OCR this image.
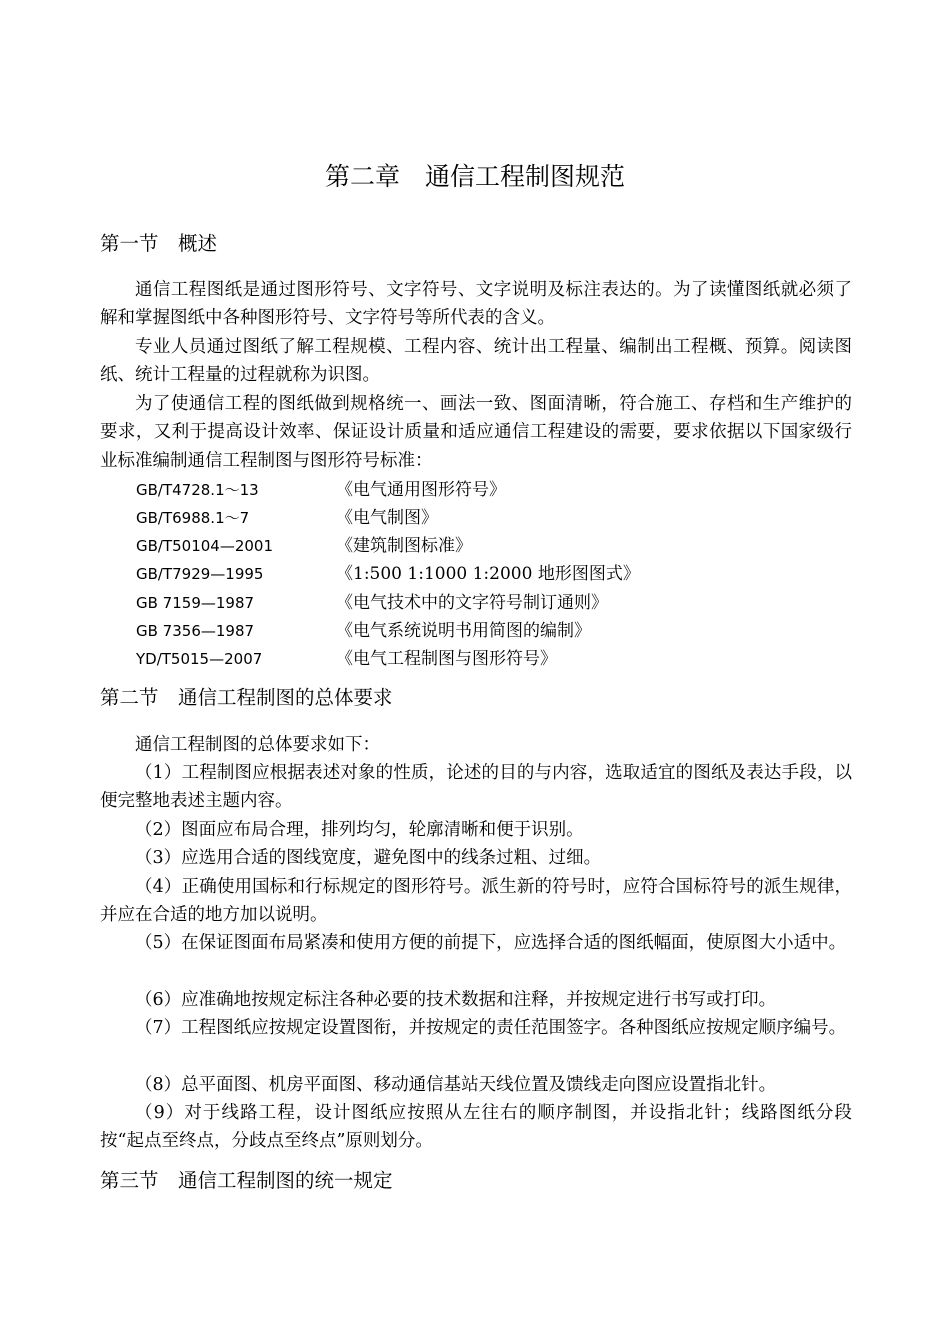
第二章　通信工程制图规范
第一节　概述
通信工程图纸是通过图形符号、文字符号、文字说明及标注表达的。为了读懂图纸就必须了解和掌握图纸中各种图形符号、文字符号等所代表的含义。
专业人员通过图纸了解工程规模、工程内容、统计出工程量、编制出工程概、预算。阅读图纸、统计工程量的过程就称为识图。
为了使通信工程的图纸做到规格统一、画法一致、图面清晰，符合施工、存档和生产维护的要求，又利于提高设计效率、保证设计质量和适应通信工程建设的需要，要求依据以下国家级行业标准编制通信工程制图与图形符号标准：
GB/T4728.1～13	《电气通用图形符号》
GB/T6988.1～7	《电气制图》
GB/T50104—2001	《建筑制图标准》
GB/T7929—1995	《1:500 1:1000 1:2000 地形图图式》
GB 7159—1987	《电气技术中的文字符号制订通则》
GB 7356—1987	《电气系统说明书用简图的编制》
YD/T5015—2007	《电气工程制图与图形符号》
第二节　通信工程制图的总体要求
通信工程制图的总体要求如下：
（1）工程制图应根据表述对象的性质，论述的目的与内容，选取适宜的图纸及表达手段，以便完整地表述主题内容。
（2）图面应布局合理，排列均匀，轮廓清晰和便于识别。
（3）应选用合适的图线宽度，避免图中的线条过粗、过细。
（4）正确使用国标和行标规定的图形符号。派生新的符号时，应符合国标符号的派生规律，并应在合适的地方加以说明。
（5）在保证图面布局紧凑和使用方便的前提下，应选择合适的图纸幅面，使原图大小适中。
（6）应准确地按规定标注各种必要的技术数据和注释，并按规定进行书写或打印。
（7）工程图纸应按规定设置图衔，并按规定的责任范围签字。各种图纸应按规定顺序编号。
（8）总平面图、机房平面图、移动通信基站天线位置及馈线走向图应设置指北针。
（9）对于线路工程，设计图纸应按照从左往右的顺序制图，并设指北针；线路图纸分段按“起点至终点，分歧点至终点”原则划分。
第三节　通信工程制图的统一规定
